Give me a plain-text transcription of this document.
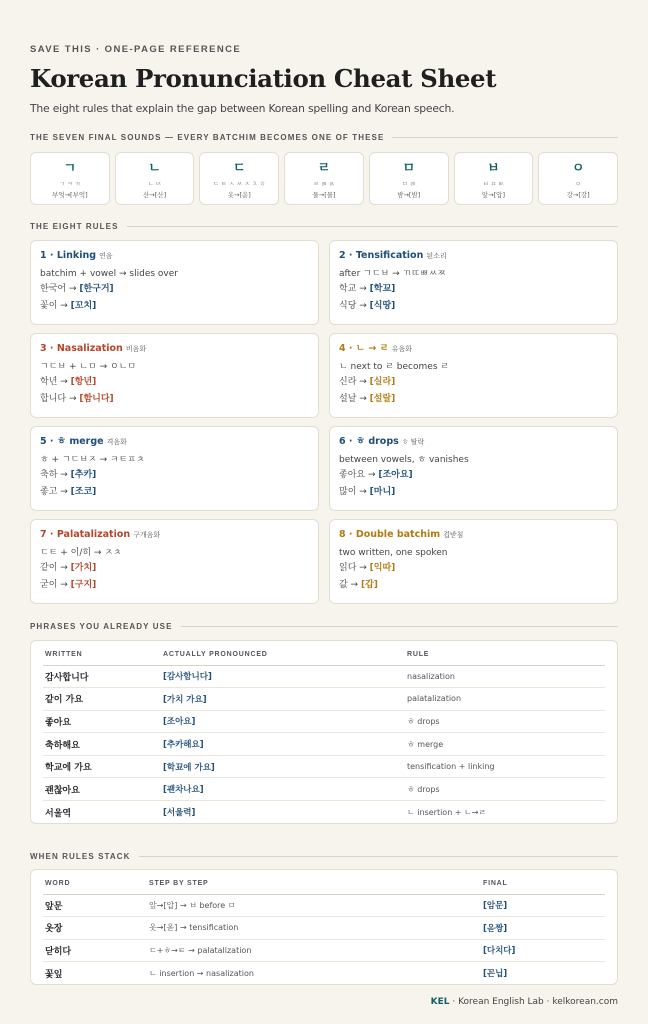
SAVE THIS · ONE-PAGE REFERENCE
Korean Pronunciation Cheat Sheet
The eight rules that explain the gap between Korean spelling and Korean speech.
THE SEVEN FINAL SOUNDS — EVERY BATCHIM BECOMES ONE OF THESE
ㄱ
ㄱ ㅋ ㄲ
부엌→[부억]
ㄴ
ㄴ ㄵ
산→[산]
ㄷ
ㄷ ㅌ ㅅ ㅆ ㅈ ㅊ ㅎ
옷→[옫]
ㄹ
ㄹ ㄼ ㄽ
물→[물]
ㅁ
ㅁ ㄻ
밤→[밤]
ㅂ
ㅂ ㅍ ㅄ
앞→[압]
ㅇ
ㅇ
강→[강]
THE EIGHT RULES
1 · Linking 연음
batchim + vowel → slides over
한국어 → [한구거]
꽃이 → [꼬치]
2 · Tensification 된소리
after ㄱㄷㅂ → ㄲㄸㅃㅆㅉ
학교 → [학꾜]
식당 → [식땅]
3 · Nasalization 비음화
ㄱㄷㅂ + ㄴㅁ → ㅇㄴㅁ
학년 → [항년]
합니다 → [함니다]
4 · ㄴ → ㄹ 유음화
ㄴ next to ㄹ becomes ㄹ
신라 → [실라]
설날 → [설랄]
5 · ㅎ merge 격음화
ㅎ + ㄱㄷㅂㅈ → ㅋㅌㅍㅊ
축하 → [추카]
좋고 → [조코]
6 · ㅎ drops ㅎ 탈락
between vowels, ㅎ vanishes
좋아요 → [조아요]
많이 → [마니]
7 · Palatalization 구개음화
ㄷㅌ + 이/히 → ㅈㅊ
같이 → [가치]
굳이 → [구지]
8 · Double batchim 겹받침
two written, one spoken
읽다 → [익따]
값 → [갑]
PHRASES YOU ALREADY USE
WRITTEN	ACTUALLY PRONOUNCED	RULE
감사합니다	[감사함니다]	nasalization
같이 가요	[가치 가요]	palatalization
좋아요	[조아요]	ㅎ drops
축하해요	[추카해요]	ㅎ merge
학교에 가요	[학꾜에 가요]	tensification + linking
괜찮아요	[괜차나요]	ㅎ drops
서울역	[서울력]	ㄴ insertion + ㄴ→ㄹ
WHEN RULES STACK
WORD	STEP BY STEP	FINAL
앞문	앞→[압] → ㅂ before ㅁ	[암문]
옷장	옷→[옫] → tensification	[옫짱]
닫히다	ㄷ+ㅎ→ㅌ → palatalization	[다치다]
꽃잎	ㄴ insertion → nasalization	[꼰닙]
KEL · Korean English Lab · kelkorean.com
